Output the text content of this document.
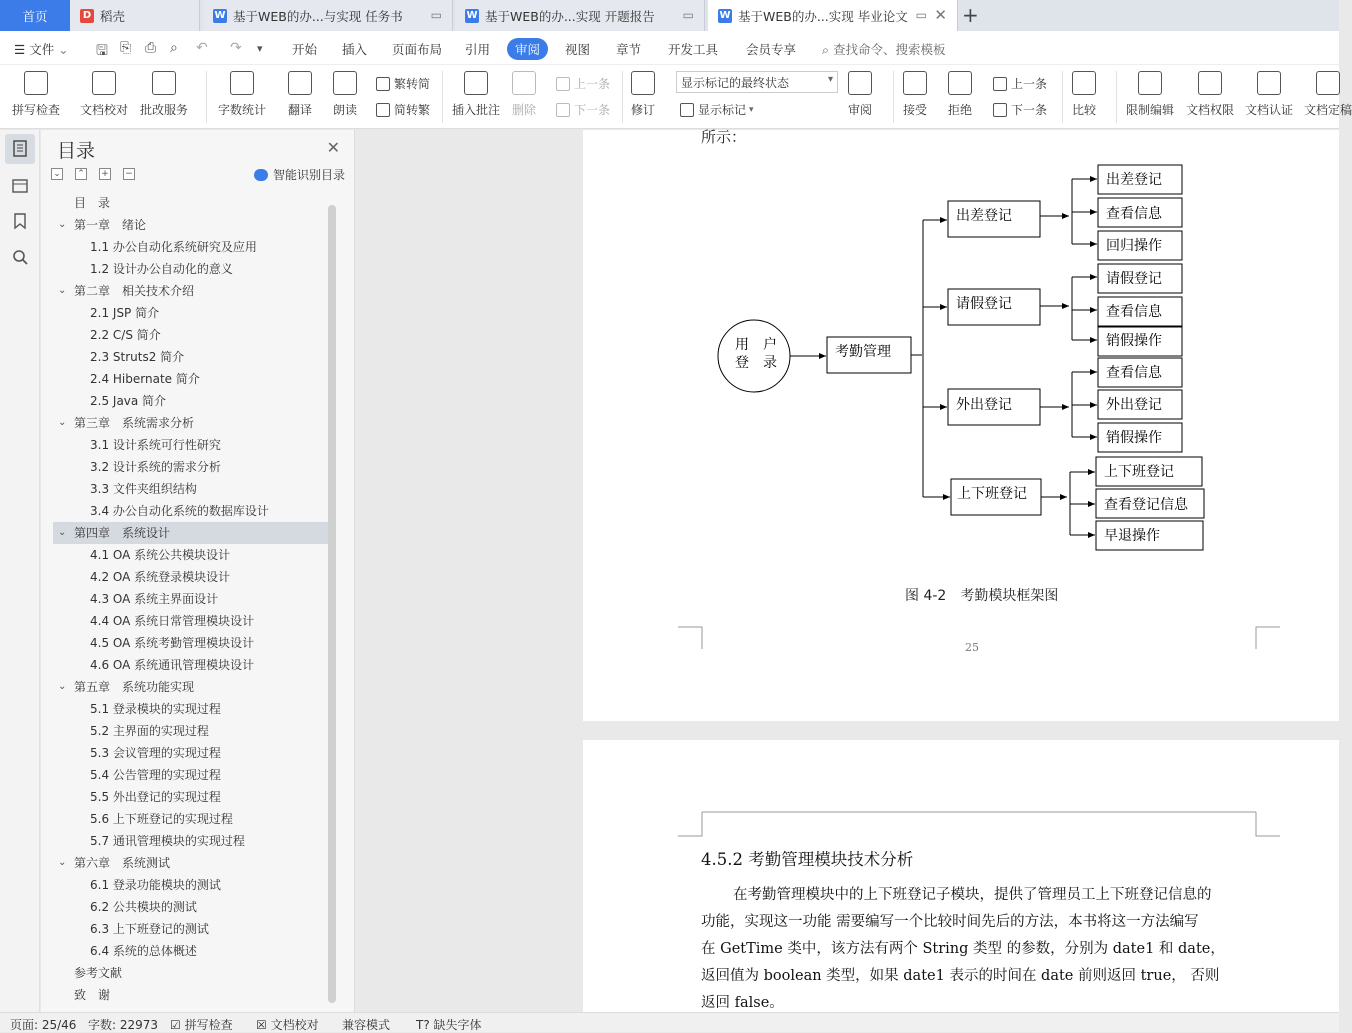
首页	D 稻壳	W 基于WEB的办...与实现 任务书 ▭ W 基于WEB的办...实现 开题报告 ▭	W 基于WEB的办...实现 毕业论文 ▭ ✕ +
☰ 文件 ⌄ 🖫 ⎘ ⎙ ⌕ ↶ ↷ ▾ 开始 插入 页面布局 引用	审阅	视图 章节 开发工具 会员专享 ⌕ 查找命令、搜索模板
拼写检查 文档校对 批改服务 字数统计 翻译 朗读
繁转简
简转繁 插入批注 删除
上一条
下一条 修订
显示标记的最终状态 ▾
显示标记 ▾	审阅	接受 拒绝
上一条
下一条 比较 限制编辑 文档权限 文档认证 文档定稿
目录	✕
⌄ ⌃ + −	智能识别目录
目　录
⌄ 第一章　绪论
1.1 办公自动化系统研究及应用
1.2 设计办公自动化的意义
⌄ 第二章　相关技术介绍
2.1 JSP 简介
2.2 C/S 简介
2.3 Struts2 简介
2.4 Hibernate 简介
2.5 Java 简介
⌄ 第三章　系统需求分析
3.1 设计系统可行性研究
3.2 设计系统的需求分析
3.3 文件夹组织结构
3.4 办公自动化系统的数据库设计
⌄ 第四章　系统设计
4.1 OA 系统公共模块设计
4.2 OA 系统登录模块设计
4.3 OA 系统主界面设计
4.4 OA 系统日常管理模块设计
4.5 OA 系统考勤管理模块设计
4.6 OA 系统通讯管理模块设计
⌄ 第五章　系统功能实现
5.1 登录模块的实现过程
5.2 主界面的实现过程
5.3 会议管理的实现过程
5.4 公告管理的实现过程
5.5 外出登记的实现过程
5.6 上下班登记的实现过程
5.7 通讯管理模块的实现过程
⌄ 第六章　系统测试
6.1 登录功能模块的测试
6.2 公共模块的测试
6.3 上下班登记的测试
6.4 系统的总体概述
参考文献
致　谢
所示：
用　户
登　录
考勤管理
出差登记
请假登记
外出登记
上下班登记
出差登记
查看信息
回归操作
请假登记
查看信息
销假操作
查看信息
外出登记
销假操作
上下班登记
查看登记信息
早退操作
图 4-2　考勤模块框架图
25
4.5.2 考勤管理模块技术分析
在考勤管理模块中的上下班登记子模块，提供了管理员工上下班登记信息的
功能，实现这一功能 需要编写一个比较时间先后的方法，本书将这一方法编写
在 GetTime 类中，该方法有两个 String 类型 的参数，分别为 date1 和 date，
返回值为 boolean 类型，如果 date1 表示的时间在 date 前则返回 true， 否则
返回 false。
页面: 25/46 字数: 22973 ☑ 拼写检查 ☒ 文档校对 兼容模式 T? 缺失字体
